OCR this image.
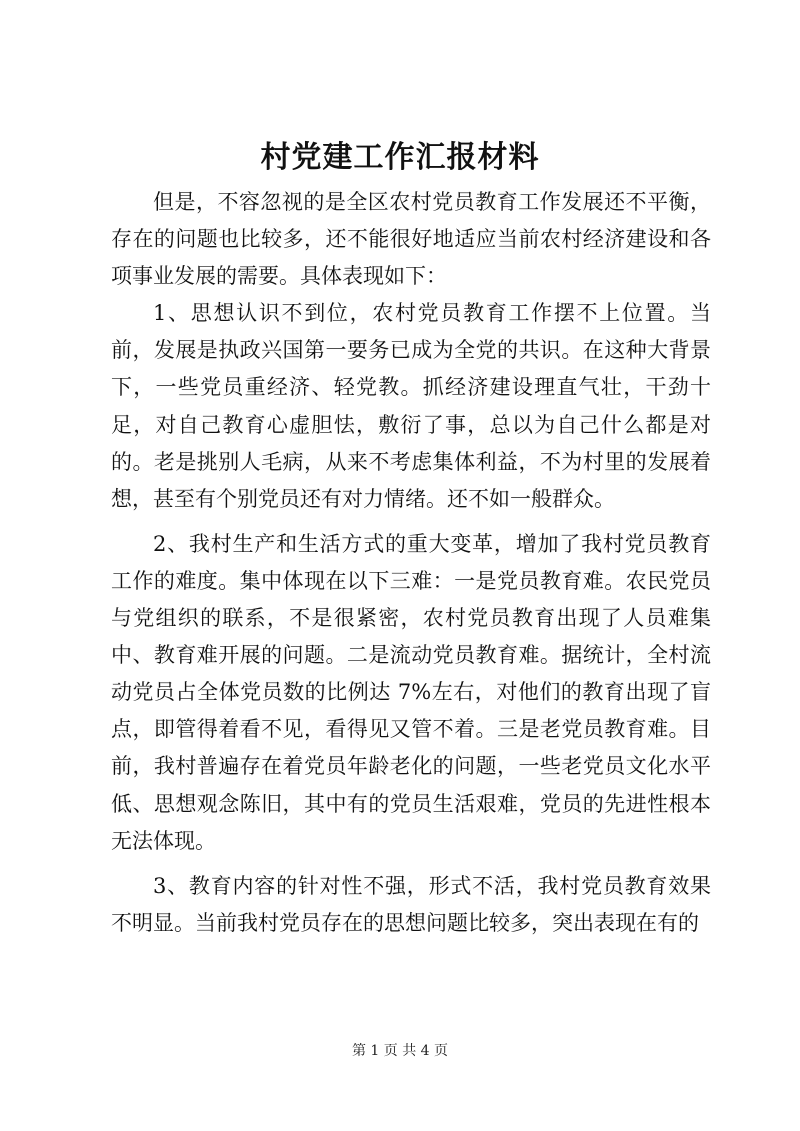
村党建工作汇报材料

但是，不容忽视的是全区农村党员教育工作发展还不平衡，存在的问题也比较多，还不能很好地适应当前农村经济建设和各项事业发展的需要。具体表现如下：

1、思想认识不到位，农村党员教育工作摆不上位置。当前，发展是执政兴国第一要务已成为全党的共识。在这种大背景下，一些党员重经济、轻党教。抓经济建设理直气壮，干劲十足，对自己教育心虚胆怯，敷衍了事，总以为自己什么都是对的。老是挑别人毛病，从来不考虑集体利益，不为村里的发展着想，甚至有个别党员还有对力情绪。还不如一般群众。

2、我村生产和生活方式的重大变革，增加了我村党员教育工作的难度。集中体现在以下三难：一是党员教育难。农民党员与党组织的联系，不是很紧密，农村党员教育出现了人员难集中、教育难开展的问题。二是流动党员教育难。据统计，全村流动党员占全体党员数的比例达 7%左右，对他们的教育出现了盲点，即管得着看不见，看得见又管不着。三是老党员教育难。目前，我村普遍存在着党员年龄老化的问题，一些老党员文化水平低、思想观念陈旧，其中有的党员生活艰难，党员的先进性根本无法体现。

3、教育内容的针对性不强，形式不活，我村党员教育效果不明显。当前我村党员存在的思想问题比较多，突出表现在有的

第 1 页 共 4 页
